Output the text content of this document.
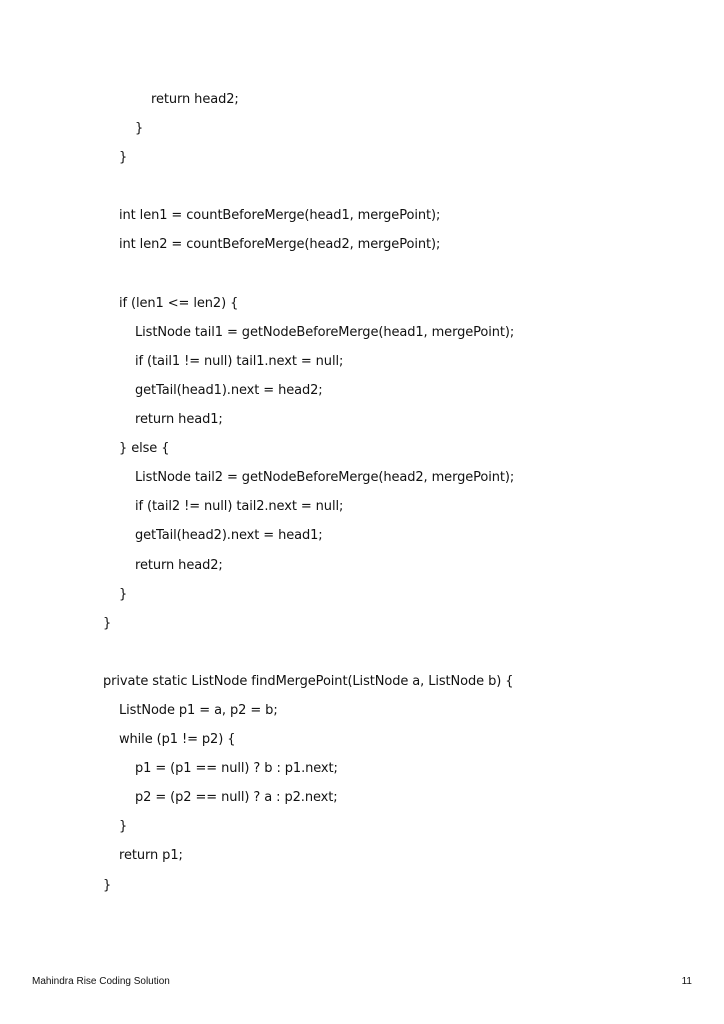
return head2;
}
}
int len1 = countBeforeMerge(head1, mergePoint);
int len2 = countBeforeMerge(head2, mergePoint);
if (len1 <= len2) {
ListNode tail1 = getNodeBeforeMerge(head1, mergePoint);
if (tail1 != null) tail1.next = null;
getTail(head1).next = head2;
return head1;
} else {
ListNode tail2 = getNodeBeforeMerge(head2, mergePoint);
if (tail2 != null) tail2.next = null;
getTail(head2).next = head1;
return head2;
}
}
private static ListNode findMergePoint(ListNode a, ListNode b) {
ListNode p1 = a, p2 = b;
while (p1 != p2) {
p1 = (p1 == null) ? b : p1.next;
p2 = (p2 == null) ? a : p2.next;
}
return p1;
}
Mahindra Rise Coding Solution	11
